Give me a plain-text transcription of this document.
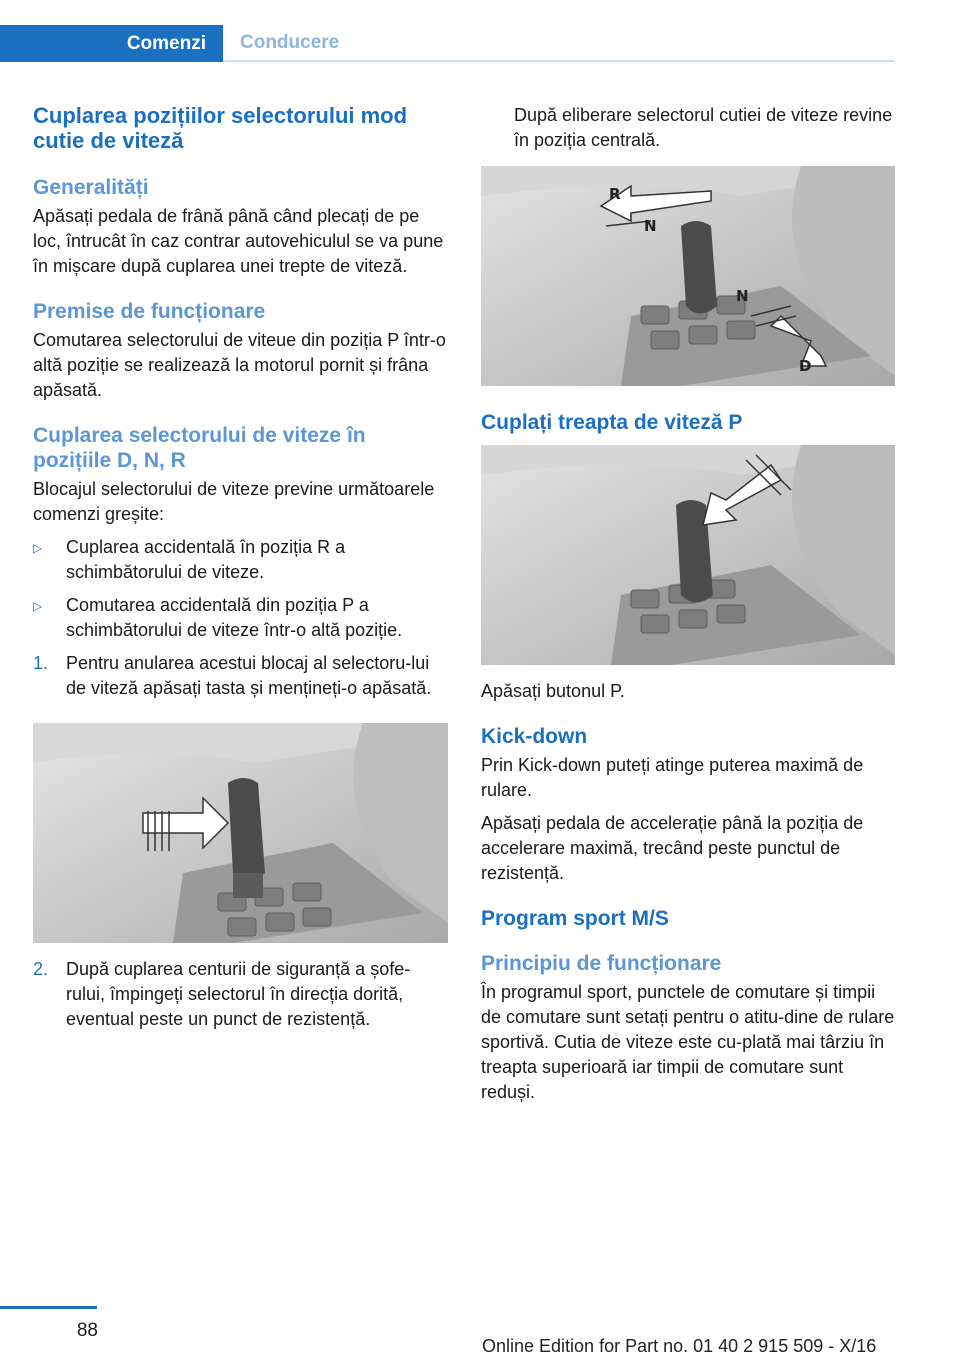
Comenzi	Conducere
Cuplarea pozițiilor selectorului mod cutie de viteză
Generalități

Apăsați pedala de frână până când plecați de pe loc, întrucât în caz contrar autovehiculul se va pune în mișcare după cuplarea unei trepte de viteză.

Premise de funcționare

Comutarea selectorului de viteue din poziția P într-o altă poziție se realizează la motorul pornit și frâna apăsată.

Cuplarea selectorului de viteze în pozițiile D, N, R

Blocajul selectorului de viteze previne următoarele comenzi greșite:

▷ Cuplarea accidentală în poziția R a schimbătorului de viteze.
▷ Comutarea accidentală din poziția P a schimbătorului de viteze într-o altă poziție.
1. Pentru anularea acestui blocaj al selectoru‐lui de viteză apăsați tasta și mențineți-o apăsată.
2. După cuplarea centurii de siguranță a șofe‐rului, împingeți selectorul în direcția dorită, eventual peste un punct de rezistență.

După eliberare selectorul cutiei de viteze revine în poziția centrală.

R
N
N
D
Cuplați treapta de viteză P

Apăsați butonul P.

Kick-down

Prin Kick-down puteți atinge puterea maximă de rulare.

Apăsați pedala de accelerație până la poziția de accelerare maximă, trecând peste punctul de rezistență.

Program sport M/S
Principiu de funcționare

În programul sport, punctele de comutare și timpii de comutare sunt setați pentru o atitu‐dine de rulare sportivă. Cutia de viteze este cu‐plată mai târziu în treapta superioară iar timpii de comutare sunt reduși.

88
Online Edition for Part no. 01 40 2 915 509 - X/16
